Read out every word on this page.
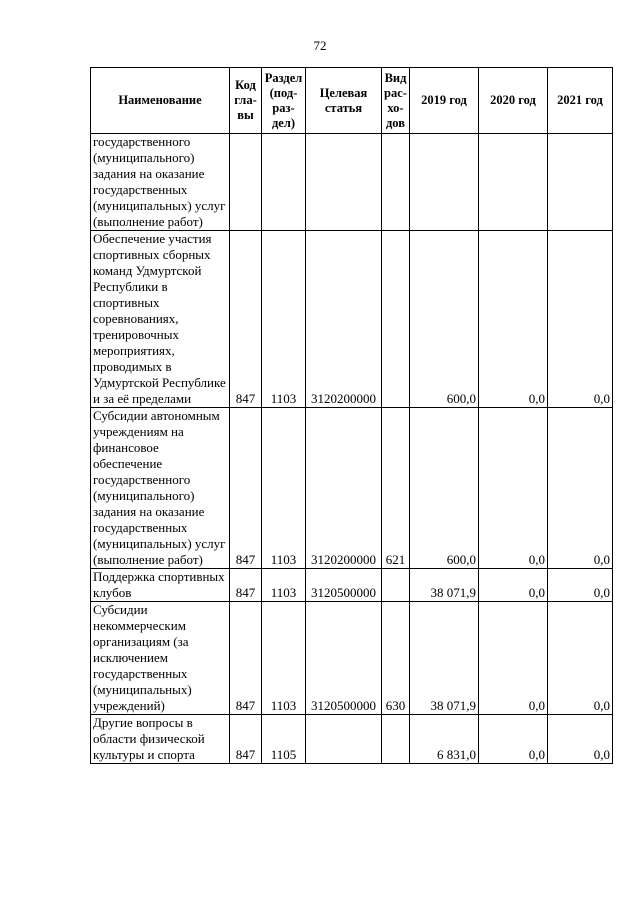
72
Наименование	Код гла-вы	Раздел (под-раз-дел)	Целевая статья	Вид рас-хо-дов	2019 год	2020 год	2021 год
государственного (муниципального) задания на оказание государственных (муниципальных) услуг (выполнение работ)							
Обеспечение участия спортивных сборных команд Удмуртской Республики в спортивных соревнованиях, тренировочных мероприятиях, проводимых в Удмуртской Республике и за её пределами	847	1103	3120200000		600,0	0,0	0,0
Субсидии автономным учреждениям на финансовое обеспечение государственного (муниципального) задания на оказание государственных (муниципальных) услуг (выполнение работ)	847	1103	3120200000	621	600,0	0,0	0,0
Поддержка спортивных клубов	847	1103	3120500000		38 071,9	0,0	0,0
Субсидии некоммерческим организациям (за исключением государственных (муниципальных) учреждений)	847	1103	3120500000	630	38 071,9	0,0	0,0
Другие вопросы в области физической культуры и спорта	847	1105			6 831,0	0,0	0,0
